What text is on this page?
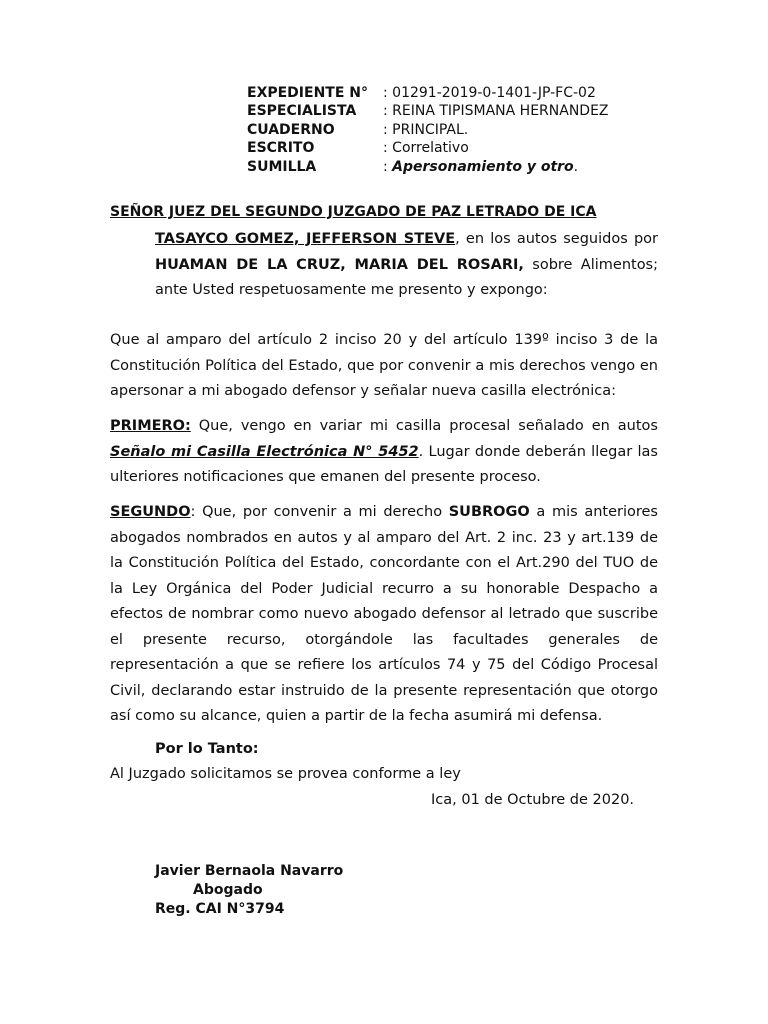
EXPEDIENTE N°	: 01291-2019-0-1401-JP-FC-02
ESPECIALISTA	: REINA TIPISMANA HERNANDEZ
CUADERNO	: PRINCIPAL.
ESCRITO	: Correlativo
SUMILLA	: Apersonamiento y otro.
SEÑOR JUEZ DEL SEGUNDO JUZGADO DE PAZ LETRADO DE ICA
TASAYCO GOMEZ, JEFFERSON STEVE, en los autos seguidos por HUAMAN DE LA CRUZ, MARIA DEL ROSARI, sobre Alimentos; ante Usted respetuosamente me presento y expongo:
Que al amparo del artículo 2 inciso 20 y del artículo 139º inciso 3 de la Constitución Política del Estado, que por convenir a mis derechos vengo en apersonar a mi abogado defensor y señalar nueva casilla electrónica:
PRIMERO: Que, vengo en variar mi casilla procesal señalado en autos Señalo mi Casilla Electrónica N° 5452. Lugar donde deberán llegar las ulteriores notificaciones que emanen del presente proceso.
SEGUNDO: Que, por convenir a mi derecho SUBROGO a mis anteriores abogados nombrados en autos y al amparo del Art. 2 inc. 23 y art.139 de la Constitución Política del Estado, concordante con el Art.290 del TUO de la Ley Orgánica del Poder Judicial recurro a su honorable Despacho a efectos de nombrar como nuevo abogado defensor al letrado que suscribe el presente recurso, otorgándole las facultades generales de representación a que se refiere los artículos 74 y 75 del Código Procesal Civil, declarando estar instruido de la presente representación que otorgo así como su alcance, quien a partir de la fecha asumirá mi defensa.
Por lo Tanto:
Al Juzgado solicitamos se provea conforme a ley
Ica, 01 de Octubre de 2020.
Javier Bernaola Navarro
Abogado
Reg. CAI N°3794
